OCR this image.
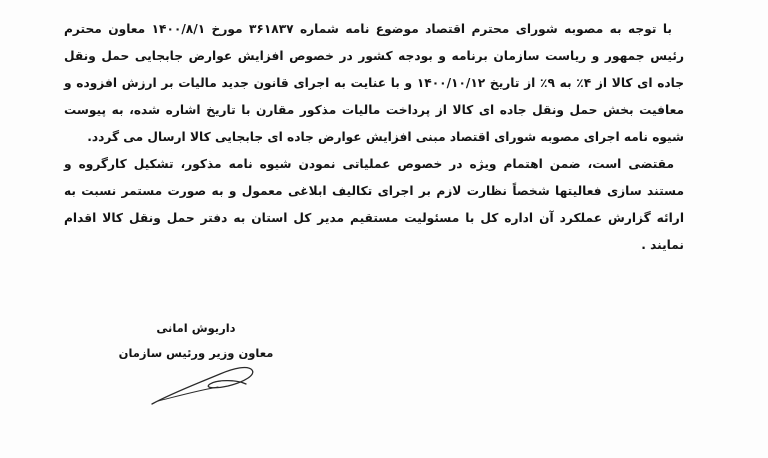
با توجه به مصوبه شورای محترم اقتصاد موضوع نامه شماره ۳۶۱۸۳۷ مورخ ۱۴۰۰/۸/۱ معاون محترم رئیس جمهور و ریاست سازمان برنامه و بودجه کشور در خصوص افزایش عوارض جابجایی حمل ونقل جاده ای کالا از ۴٪ به ۹٪ از تاریخ ۱۴۰۰/۱۰/۱۲ و با عنایت به اجرای قانون جدید مالیات بر ارزش افزوده و معافیت بخش حمل ونقل جاده ای کالا از پرداخت مالیات مذکور مقارن با تاریخ اشاره شده، به پیوست شیوه نامه اجرای مصوبه شورای اقتصاد مبنی افزایش عوارض جاده ای جابجایی کالا ارسال می گردد.

مقتضی است، ضمن اهتمام ویژه در خصوص عملیاتی نمودن شیوه نامه مذکور، تشکیل کارگروه و مستند سازی فعالیتها شخصاً نظارت لازم بر اجرای تکالیف ابلاغی معمول و به صورت مستمر نسبت به ارائه گزارش عملکرد آن اداره کل با مسئولیت مستقیم مدیر کل استان به دفتر حمل ونقل کالا اقدام نمایند .

داریوش امانی
معاون وزیر ورئیس سازمان
